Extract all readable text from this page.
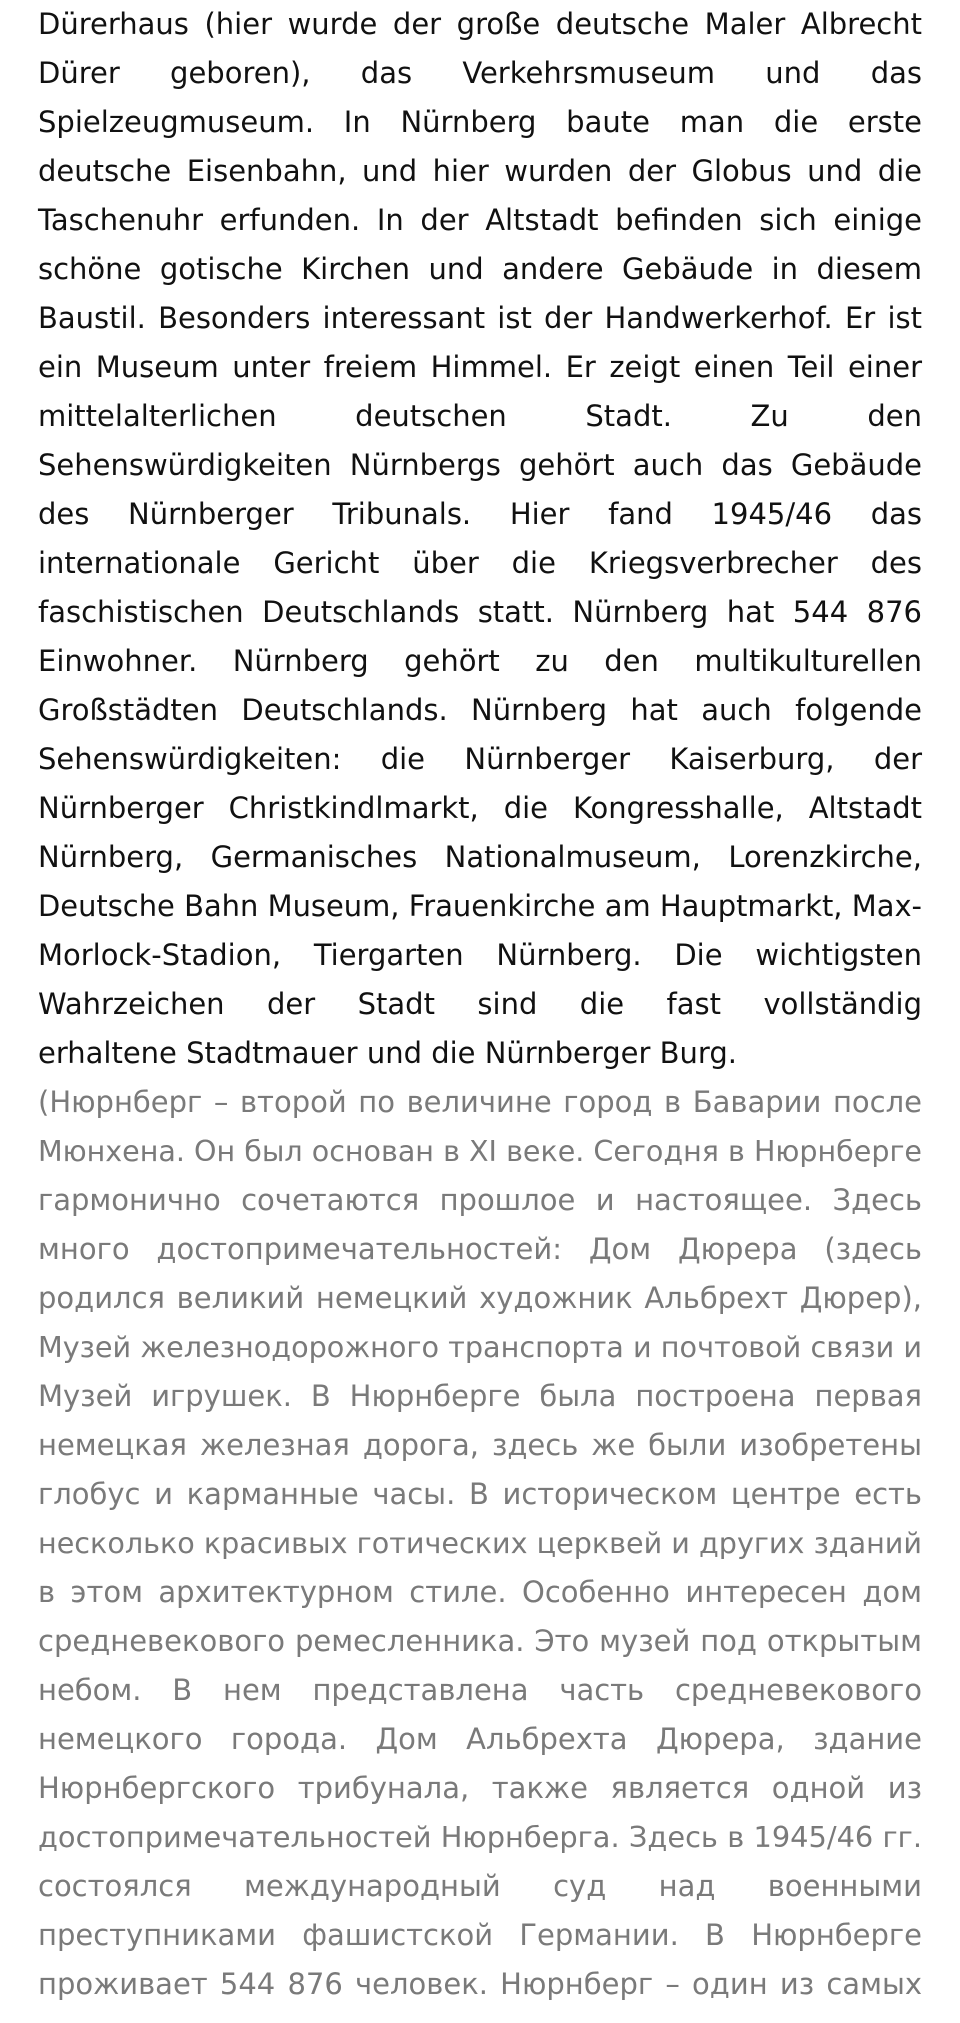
Dürerhaus (hier wurde der große deutsche Maler Albrecht
Dürer geboren), das Verkehrsmuseum und das
Spielzeugmuseum. In Nürnberg baute man die erste
deutsche Eisenbahn, und hier wurden der Globus und die
Taschenuhr erfunden. In der Altstadt befinden sich einige
schöne gotische Kirchen und andere Gebäude in diesem
Baustil. Besonders interessant ist der Handwerkerhof. Er ist
ein Museum unter freiem Himmel. Er zeigt einen Teil einer
mittelalterlichen deutschen Stadt. Zu den
Sehenswürdigkeiten Nürnbergs gehört auch das Gebäude
des Nürnberger Tribunals. Hier fand 1945/46 das
internationale Gericht über die Kriegsverbrecher des
faschistischen Deutschlands statt. Nürnberg hat 544 876
Einwohner. Nürnberg gehört zu den multikulturellen
Großstädten Deutschlands. Nürnberg hat auch folgende
Sehenswürdigkeiten: die Nürnberger Kaiserburg, der
Nürnberger Christkindlmarkt, die Kongresshalle, Altstadt
Nürnberg, Germanisches Nationalmuseum, Lorenzkirche,
Deutsche Bahn Museum, Frauenkirche am Hauptmarkt, Max-
Morlock-Stadion, Tiergarten Nürnberg. Die wichtigsten
Wahrzeichen der Stadt sind die fast vollständig
erhaltene Stadtmauer und die Nürnberger Burg.
(Нюрнберг – второй по величине город в Баварии после
Мюнхена. Он был основан в XI веке. Сегодня в Нюрнберге
гармонично сочетаются прошлое и настоящее. Здесь
много достопримечательностей: Дом Дюрера (здесь
родился великий немецкий художник Альбрехт Дюрер),
Музей железнодорожного транспорта и почтовой связи и
Музей игрушек. В Нюрнберге была построена первая
немецкая железная дорога, здесь же были изобретены
глобус и карманные часы. В историческом центре есть
несколько красивых готических церквей и других зданий
в этом архитектурном стиле. Особенно интересен дом
средневекового ремесленника. Это музей под открытым
небом. В нем представлена часть средневекового
немецкого города. Дом Альбрехта Дюрера, здание
Нюрнбергского трибунала, также является одной из
достопримечательностей Нюрнберга. Здесь в 1945/46 гг.
состоялся международный суд над военными
преступниками фашистской Германии. В Нюрнберге
проживает 544 876 человек. Нюрнберг – один из самых
